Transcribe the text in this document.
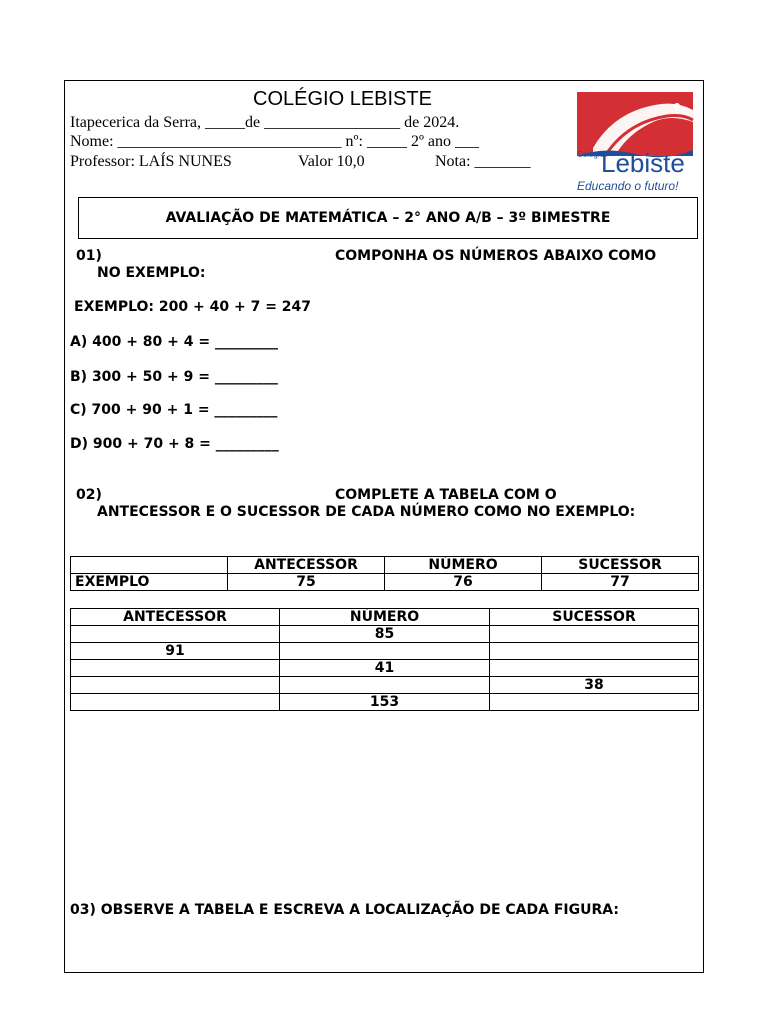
COLÉGIO LEBISTE
Itapecerica da Serra, _____de _________________ de 2024.
Nome: ____________________________ nº: _____ 2º ano ___
Professor: LAÍS NUNES	Valor 10,0	Nota: _______	Colégio
Lebiste
Educando o futuro!
AVALIAÇÃO DE MATEMÁTICA – 2° ANO A/B – 3º BIMESTRE
01)	COMPONHA OS NÚMEROS ABAIXO COMO
NO EXEMPLO:
EXEMPLO: 200 + 40 + 7 = 247
A) 400 + 80 + 4 = _________
B) 300 + 50 + 9 = _________
C) 700 + 90 + 1 = _________
D) 900 + 70 + 8 = _________
02)	COMPLETE A TABELA COM O
ANTECESSOR E O SUCESSOR DE CADA NÚMERO COMO NO EXEMPLO:
	ANTECESSOR	NÚMERO	SUCESSOR
EXEMPLO	75	76	77
ANTECESSOR	NÚMERO	SUCESSOR
	85	
91		
	41	
		38
	153	
03) OBSERVE A TABELA E ESCREVA A LOCALIZAÇÃO DE CADA FIGURA:
